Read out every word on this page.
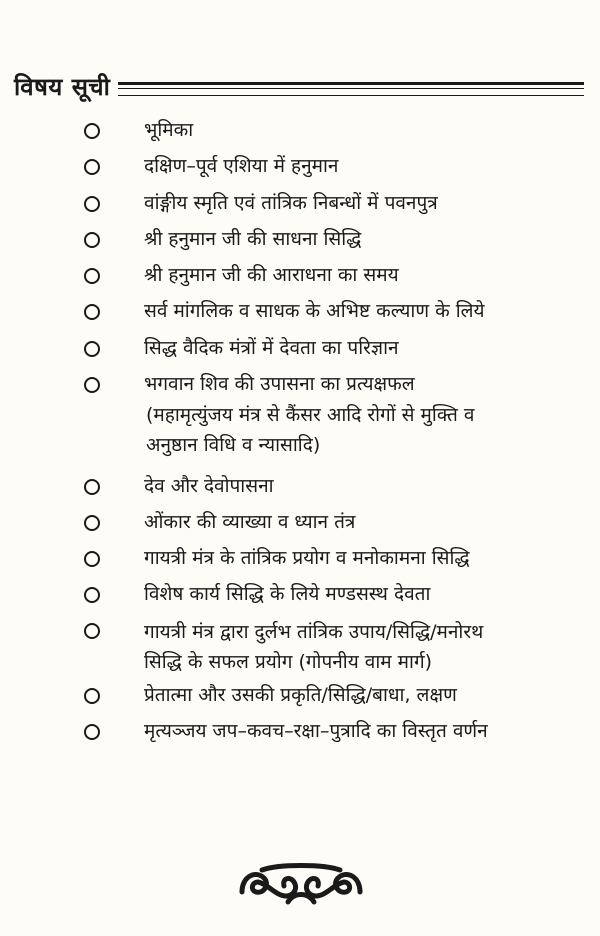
विषय सूची
भूमिका
दक्षिण–पूर्व एशिया में हनुमान
वांङ्गीय स्मृति एवं तांत्रिक निबन्धों में पवनपुत्र
श्री हनुमान जी की साधना सिद्धि
श्री हनुमान जी की आराधना का समय
सर्व मांगलिक व साधक के अभिष्ट कल्याण के लिये
सिद्ध वैदिक मंत्रों में देवता का परिज्ञान
भगवान शिव की उपासना का प्रत्यक्षफल
(महामृत्युंजय मंत्र से कैंसर आदि रोगों से मुक्ति व
अनुष्ठान विधि व न्यासादि)
देव और देवोपासना
ओंकार की व्याख्या व ध्यान तंत्र
गायत्री मंत्र के तांत्रिक प्रयोग व मनोकामना सिद्धि
विशेष कार्य सिद्धि के लिये मण्डसस्थ देवता
गायत्री मंत्र द्वारा दुर्लभ तांत्रिक उपाय/सिद्धि/मनोरथ
सिद्धि के सफल प्रयोग (गोपनीय वाम मार्ग)
प्रेतात्मा और उसकी प्रकृति/सिद्धि/बाधा, लक्षण
मृत्यञ्जय जप–कवच–रक्षा–पुत्रादि का विस्तृत वर्णन
